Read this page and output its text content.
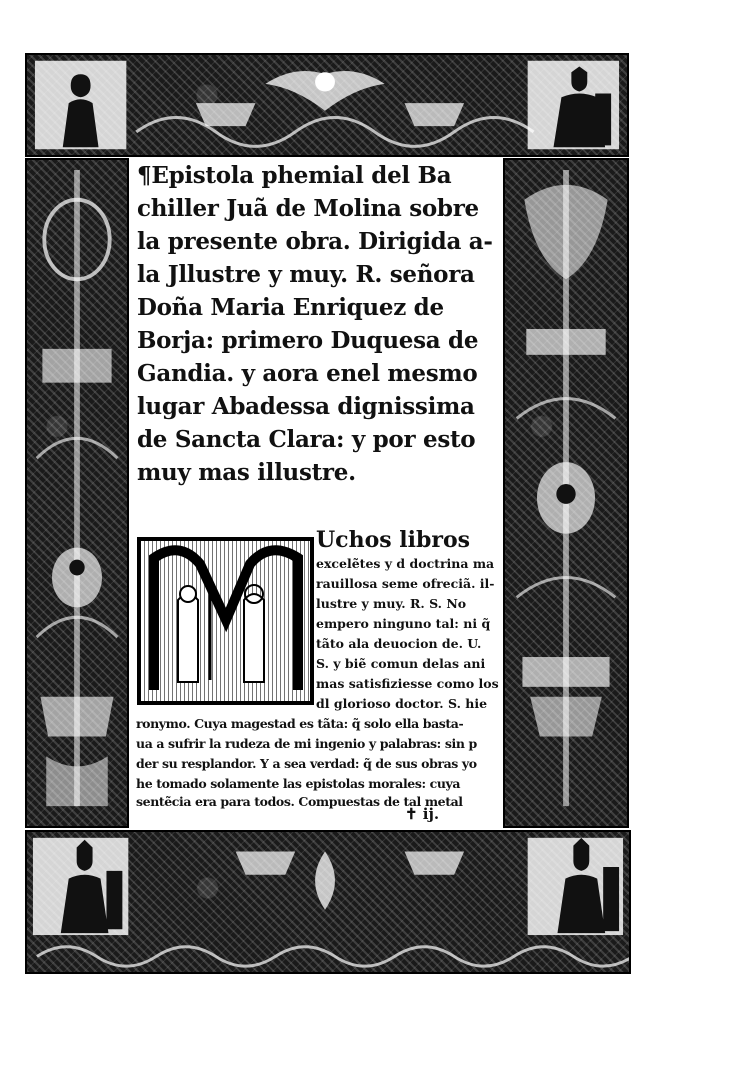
¶Epistola phemial del Ba
chiller Juã de Molina sobre
la presente obra. Dirigida a-
la Jllustre y muy. R. señora
Doña Maria Enriquez de
Borja: primero Duquesa de
Gandia. y aora enel mesmo
lugar Abadessa dignissima
de Sancta Clara: y por esto
muy mas illustre.
Uchos libros
excelẽtes y d doctrina ma
rauillosa seme ofreciã. il-
lustre y muy. R. S. No
empero ninguno tal: ni q̃
tãto ala deuocion de. U.
S. y biẽ comun delas ani
mas satisfiziesse como los
dl glorioso doctor. S. hie
ronymo. Cuya magestad es tãta: q̃ solo ella basta-
ua a sufrir la rudeza de mi ingenio y palabras: sin p
der su resplandor. Y a sea verdad: q̃ de sus obras yo
he tomado solamente las epistolas morales: cuya
sentẽcia era para todos. Compuestas de tal metal
✝ ij.
